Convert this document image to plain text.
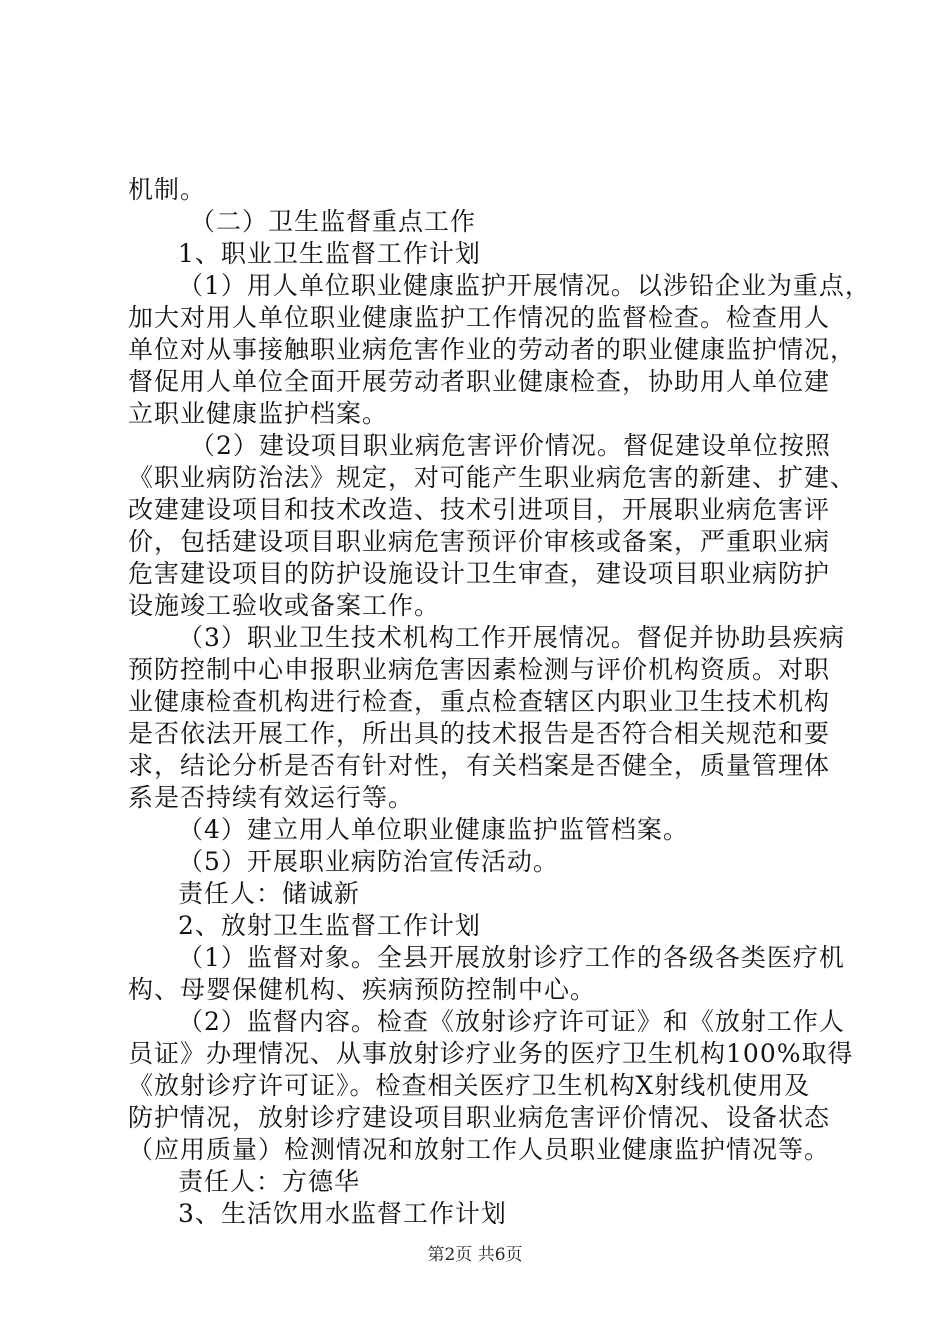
机制。
（二）卫生监督重点工作
1、职业卫生监督工作计划
（1）用人单位职业健康监护开展情况。以涉铅企业为重点，
加大对用人单位职业健康监护工作情况的监督检查。检查用人
单位对从事接触职业病危害作业的劳动者的职业健康监护情况，
督促用人单位全面开展劳动者职业健康检查，协助用人单位建
立职业健康监护档案。
（2）建设项目职业病危害评价情况。督促建设单位按照
《职业病防治法》规定，对可能产生职业病危害的新建、扩建、
改建建设项目和技术改造、技术引进项目，开展职业病危害评
价，包括建设项目职业病危害预评价审核或备案，严重职业病
危害建设项目的防护设施设计卫生审查，建设项目职业病防护
设施竣工验收或备案工作。
（3）职业卫生技术机构工作开展情况。督促并协助县疾病
预防控制中心申报职业病危害因素检测与评价机构资质。对职
业健康检查机构进行检查，重点检查辖区内职业卫生技术机构
是否依法开展工作，所出具的技术报告是否符合相关规范和要
求，结论分析是否有针对性，有关档案是否健全，质量管理体
系是否持续有效运行等。
（4）建立用人单位职业健康监护监管档案。
（5）开展职业病防治宣传活动。
责任人：储诚新
2、放射卫生监督工作计划
（1）监督对象。全县开展放射诊疗工作的各级各类医疗机
构、母婴保健机构、疾病预防控制中心。
（2）监督内容。检查《放射诊疗许可证》和《放射工作人
员证》办理情况、从事放射诊疗业务的医疗卫生机构100%取得
《放射诊疗许可证》。检查相关医疗卫生机构X射线机使用及
防护情况，放射诊疗建设项目职业病危害评价情况、设备状态
（应用质量）检测情况和放射工作人员职业健康监护情况等。
责任人：方德华
3、生活饮用水监督工作计划
第2页 共6页
